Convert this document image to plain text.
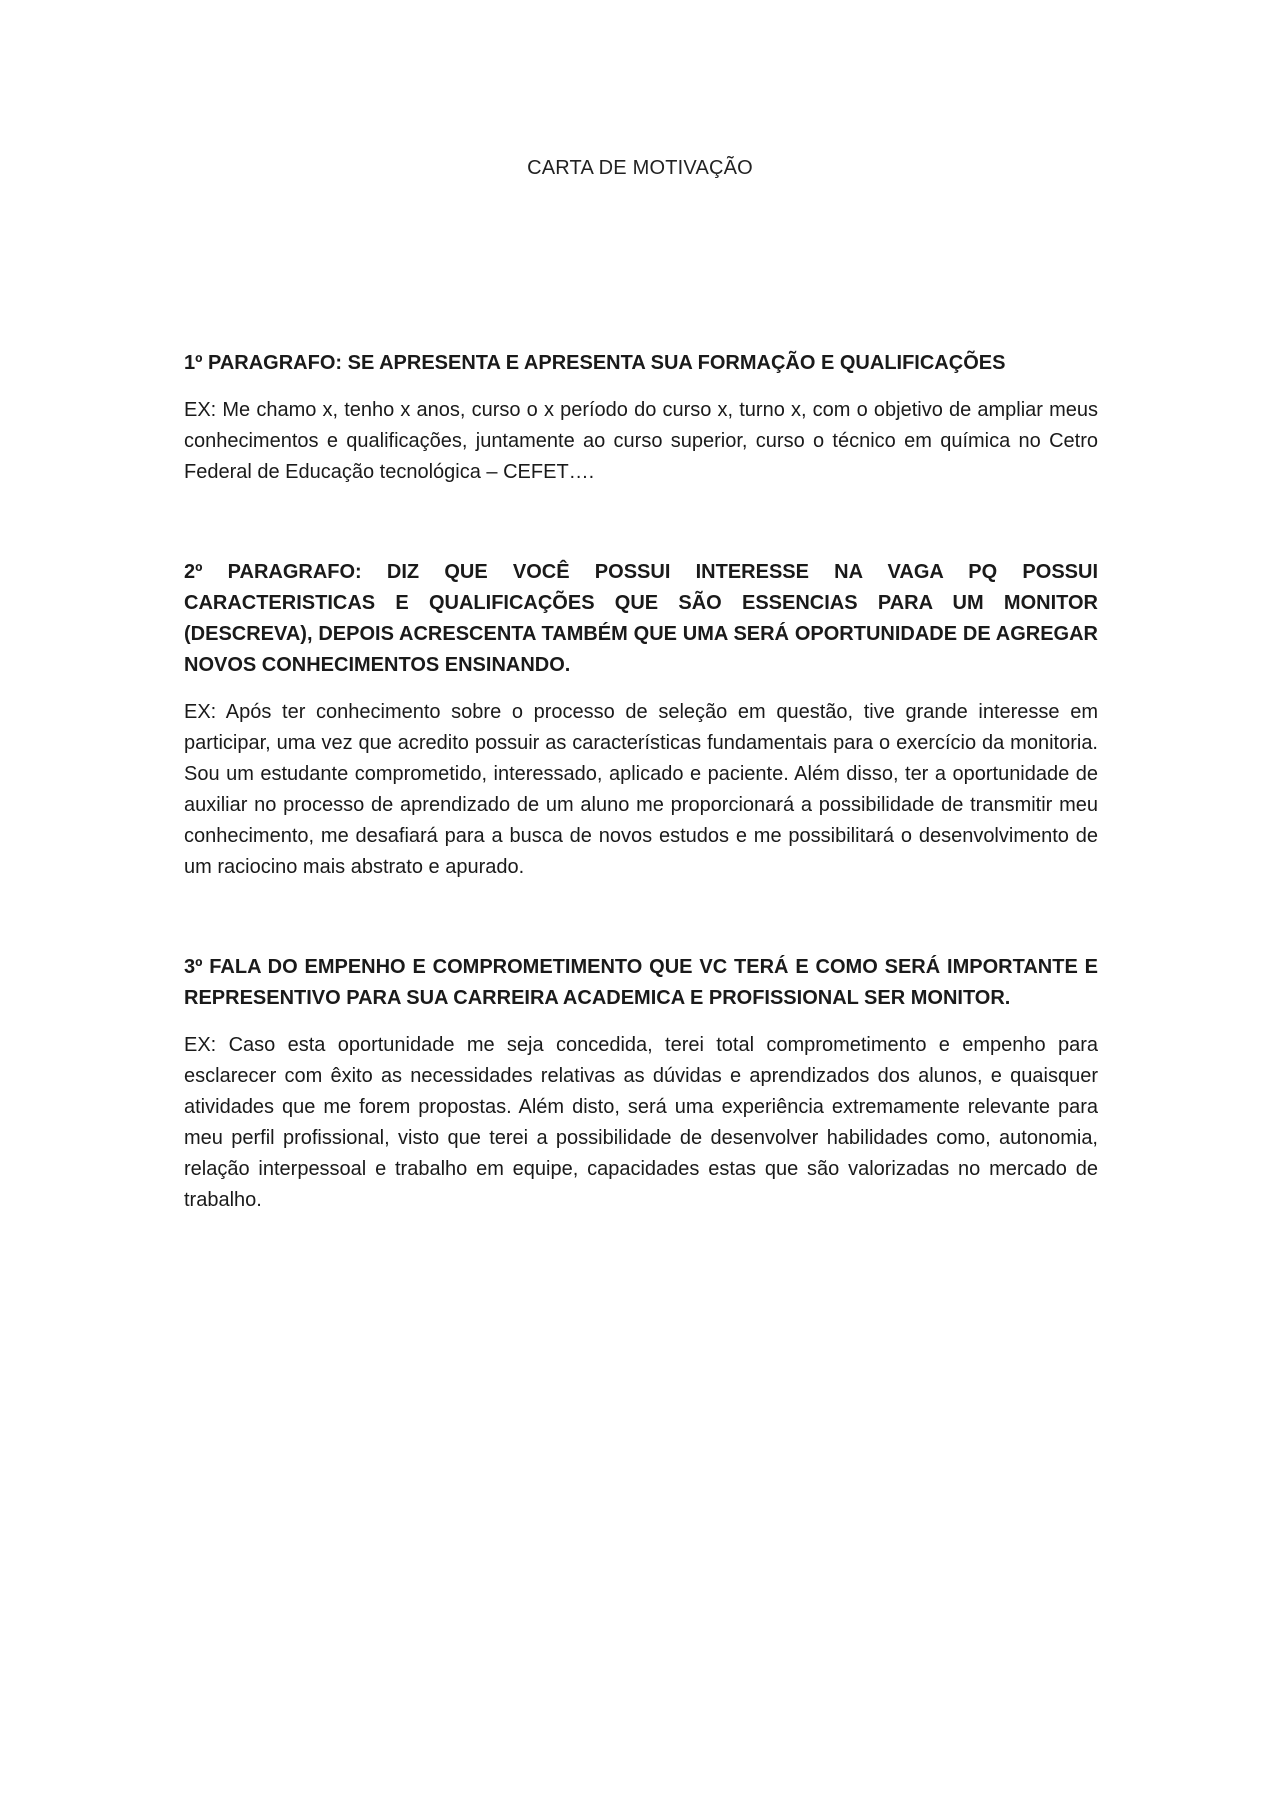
CARTA DE MOTIVAÇÃO

1º PARAGRAFO: SE APRESENTA E APRESENTA SUA FORMAÇÃO E QUALIFICAÇÕES

EX: Me chamo x, tenho x anos, curso o x período do curso x, turno x, com o objetivo de ampliar meus conhecimentos e qualificações, juntamente ao curso superior, curso o técnico em química no Cetro Federal de Educação tecnológica – CEFET….

2º PARAGRAFO: DIZ QUE VOCÊ POSSUI INTERESSE NA VAGA PQ POSSUI CARACTERISTICAS E QUALIFICAÇÕES QUE SÃO ESSENCIAS PARA UM MONITOR (DESCREVA), DEPOIS ACRESCENTA TAMBÉM QUE UMA SERÁ OPORTUNIDADE DE AGREGAR NOVOS CONHECIMENTOS ENSINANDO.

EX: Após ter conhecimento sobre o processo de seleção em questão, tive grande interesse em participar, uma vez que acredito possuir as características fundamentais para o exercício da monitoria. Sou um estudante comprometido, interessado, aplicado e paciente. Além disso, ter a oportunidade de auxiliar no processo de aprendizado de um aluno me proporcionará a possibilidade de transmitir meu conhecimento, me desafiará para a busca de novos estudos e me possibilitará o desenvolvimento de um raciocino mais abstrato e apurado.

3º FALA DO EMPENHO E COMPROMETIMENTO QUE VC TERÁ E COMO SERÁ IMPORTANTE E REPRESENTIVO PARA SUA CARREIRA ACADEMICA E PROFISSIONAL SER MONITOR.

EX: Caso esta oportunidade me seja concedida, terei total comprometimento e empenho para esclarecer com êxito as necessidades relativas as dúvidas e aprendizados dos alunos, e quaisquer atividades que me forem propostas. Além disto, será uma experiência extremamente relevante para meu perfil profissional, visto que terei a possibilidade de desenvolver habilidades como, autonomia, relação interpessoal e trabalho em equipe, capacidades estas que são valorizadas no mercado de trabalho.
